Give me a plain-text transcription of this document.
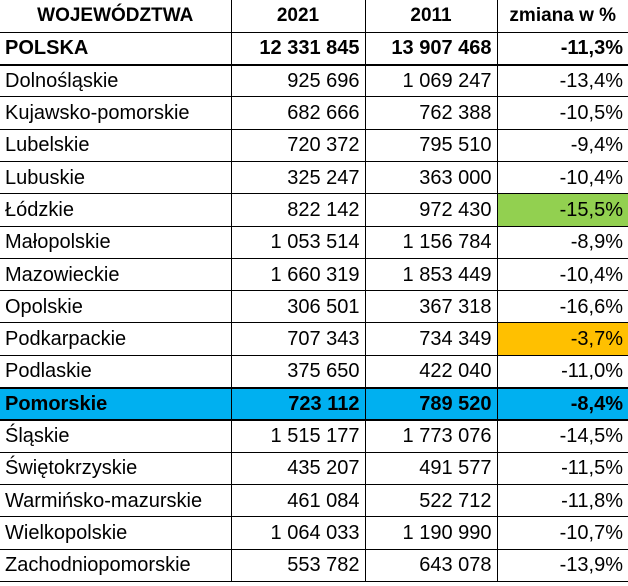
WOJEWÓDZTWA	2021	2011	zmiana w %
POLSKA	12 331 845	13 907 468	-11,3%
Dolnośląskie	925 696	1 069 247	-13,4%
Kujawsko-pomorskie	682 666	762 388	-10,5%
Lubelskie	720 372	795 510	-9,4%
Lubuskie	325 247	363 000	-10,4%
Łódzkie	822 142	972 430	-15,5%
Małopolskie	1 053 514	1 156 784	-8,9%
Mazowieckie	1 660 319	1 853 449	-10,4%
Opolskie	306 501	367 318	-16,6%
Podkarpackie	707 343	734 349	-3,7%
Podlaskie	375 650	422 040	-11,0%
Pomorskie	723 112	789 520	-8,4%
Śląskie	1 515 177	1 773 076	-14,5%
Świętokrzyskie	435 207	491 577	-11,5%
Warmińsko-mazurskie	461 084	522 712	-11,8%
Wielkopolskie	1 064 033	1 190 990	-10,7%
Zachodniopomorskie	553 782	643 078	-13,9%
